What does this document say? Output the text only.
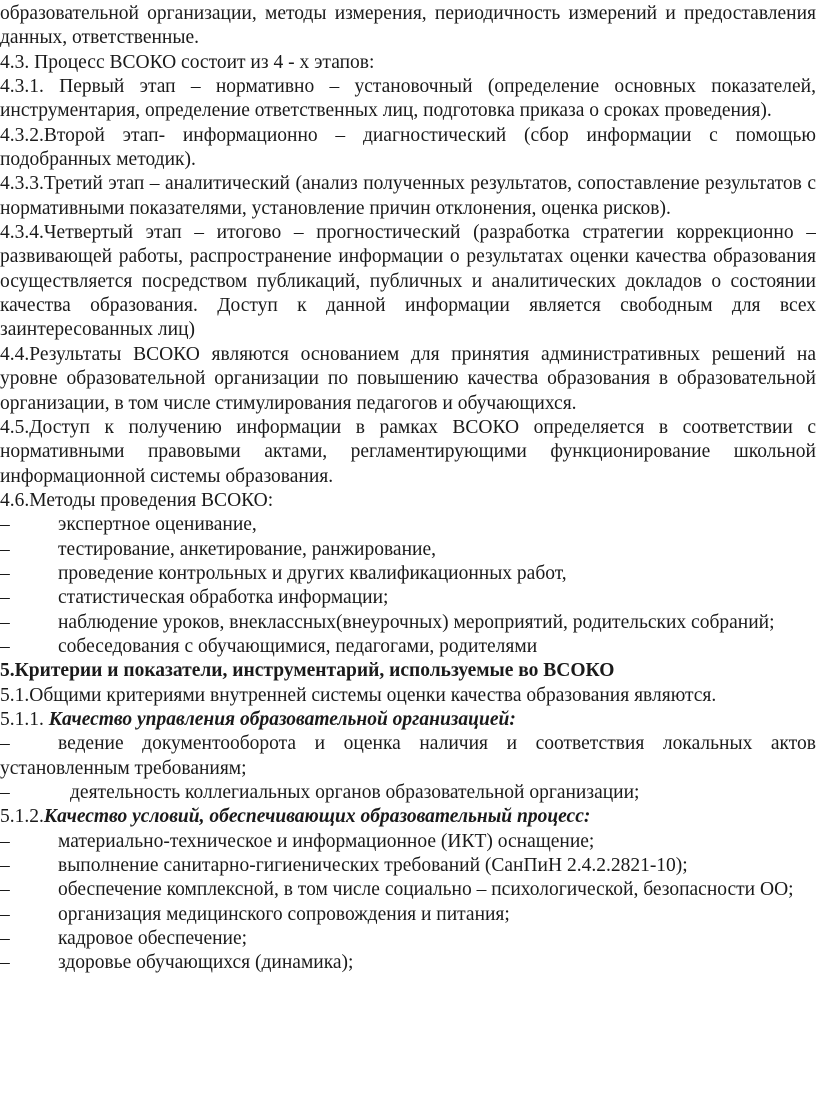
образовательной организации, методы измерения, периодичность измерений и предоставления данных, ответственные.

4.3. Процесс ВСОКО состоит из 4 - х этапов:

4.3.1. Первый этап – нормативно – установочный (определение основных показателей, инструментария, определение ответственных лиц, подготовка приказа о сроках проведения).

4.3.2.Второй этап- информационно – диагностический (сбор информации с помощью подобранных методик).

4.3.3.Третий этап – аналитический (анализ полученных результатов, сопоставление результатов с нормативными показателями, установление причин отклонения, оценка рисков).

4.3.4.Четвертый этап – итогово – прогностический (разработка стратегии коррекционно – развивающей работы, распространение информации о результатах оценки качества образования осуществляется посредством публикаций, публичных и аналитических докладов о состоянии качества образования. Доступ к данной информации является свободным для всех заинтересованных лиц)

4.4.Результаты ВСОКО являются основанием для принятия административных решений на уровне образовательной организации по повышению качества образования в образовательной организации, в том числе стимулирования педагогов и обучающихся.

4.5.Доступ к получению информации в рамках ВСОКО определяется в соответствии с нормативными правовыми актами, регламентирующими функционирование школьной информационной системы образования.

4.6.Методы проведения ВСОКО:

– экспертное оценивание,

– тестирование, анкетирование, ранжирование,

– проведение контрольных и других квалификационных работ,

– статистическая обработка информации;

– наблюдение уроков, внеклассных(внеурочных) мероприятий, родительских собраний;

– собеседования с обучающимися, педагогами, родителями

5.Критерии и показатели, инструментарий, используемые во ВСОКО

5.1.Общими критериями внутренней системы оценки качества образования являются.

5.1.1. Качество управления образовательной организацией:

– ведение документооборота и оценка наличия и соответствия локальных актов установленным требованиям;

–	деятельность коллегиальных органов образовательной организации;

5.1.2.Качество условий, обеспечивающих образовательный процесс:

– материально-техническое и информационное (ИКТ) оснащение;

– выполнение санитарно-гигиенических требований (СанПиН 2.4.2.2821-10);

– обеспечение комплексной, в том числе социально – психологической, безопасности ОО;

– организация медицинского сопровождения и питания;

– кадровое обеспечение;

– здоровье обучающихся (динамика);
